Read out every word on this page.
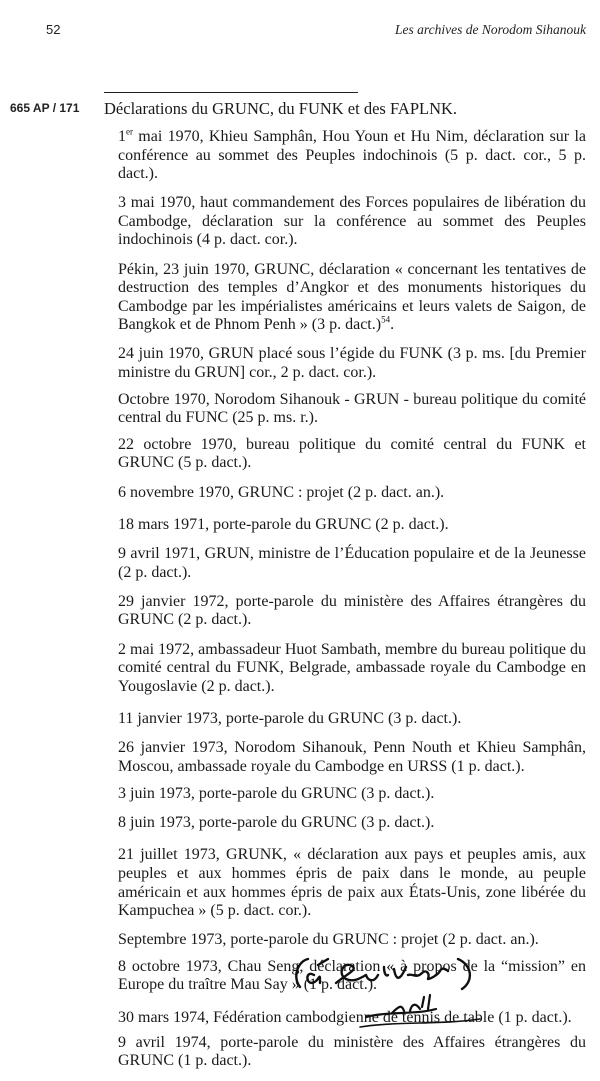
52	Les archives de Norodom Sihanouk
665 AP / 171 Déclarations du GRUNC, du FUNK et des FAPLNK.
1er mai 1970, Khieu Samphân, Hou Youn et Hu Nim, déclaration sur la conférence au sommet des Peuples indochinois (5 p. dact. cor., 5 p. dact.).
3 mai 1970, haut commandement des Forces populaires de libération du Cambodge, déclaration sur la conférence au sommet des Peuples indochinois (4 p. dact. cor.).
Pékin, 23 juin 1970, GRUNC, déclaration « concernant les tentatives de destruction des temples d’Angkor et des monuments historiques du Cambodge par les impérialistes américains et leurs valets de Saigon, de Bangkok et de Phnom Penh » (3 p. dact.)$^{54}$.
24 juin 1970, GRUN placé sous l’égide du FUNK (3 p. ms. [du Premier ministre du GRUN] cor., 2 p. dact. cor.).
Octobre 1970, Norodom Sihanouk - GRUN - bureau politique du comité central du FUNC (25 p. ms. r.).
22 octobre 1970, bureau politique du comité central du FUNK et GRUNC (5 p. dact.).
6 novembre 1970, GRUNC : projet (2 p. dact. an.).
18 mars 1971, porte-parole du GRUNC (2 p. dact.).
9 avril 1971, GRUN, ministre de l’Éducation populaire et de la Jeunesse (2 p. dact.).
29 janvier 1972, porte-parole du ministère des Affaires étrangères du GRUNC (2 p. dact.).
2 mai 1972, ambassadeur Huot Sambath, membre du bureau politique du comité central du FUNK, Belgrade, ambassade royale du Cambodge en Yougoslavie (2 p. dact.).
11 janvier 1973, porte-parole du GRUNC (3 p. dact.).
26 janvier 1973, Norodom Sihanouk, Penn Nouth et Khieu Samphân, Moscou, ambassade royale du Cambodge en URSS (1 p. dact.).
3 juin 1973, porte-parole du GRUNC (3 p. dact.).
8 juin 1973, porte-parole du GRUNC (3 p. dact.).
21 juillet 1973, GRUNK, « déclaration aux pays et peuples amis, aux peuples et aux hommes épris de paix dans le monde, au peuple américain et aux hommes épris de paix aux États-Unis, zone libérée du Kampuchea » (5 p. dact. cor.).
Septembre 1973, porte-parole du GRUNC : projet (2 p. dact. an.).
8 octobre 1973, Chau Seng, déclaration « à propos de la “mission” en Europe du traître Mau Say » (1 p. dact.).
30 mars 1974, Fédération cambodgienne de tennis de table (1 p. dact.).
9 avril 1974, porte-parole du ministère des Affaires étrangères du GRUNC (1 p. dact.).
